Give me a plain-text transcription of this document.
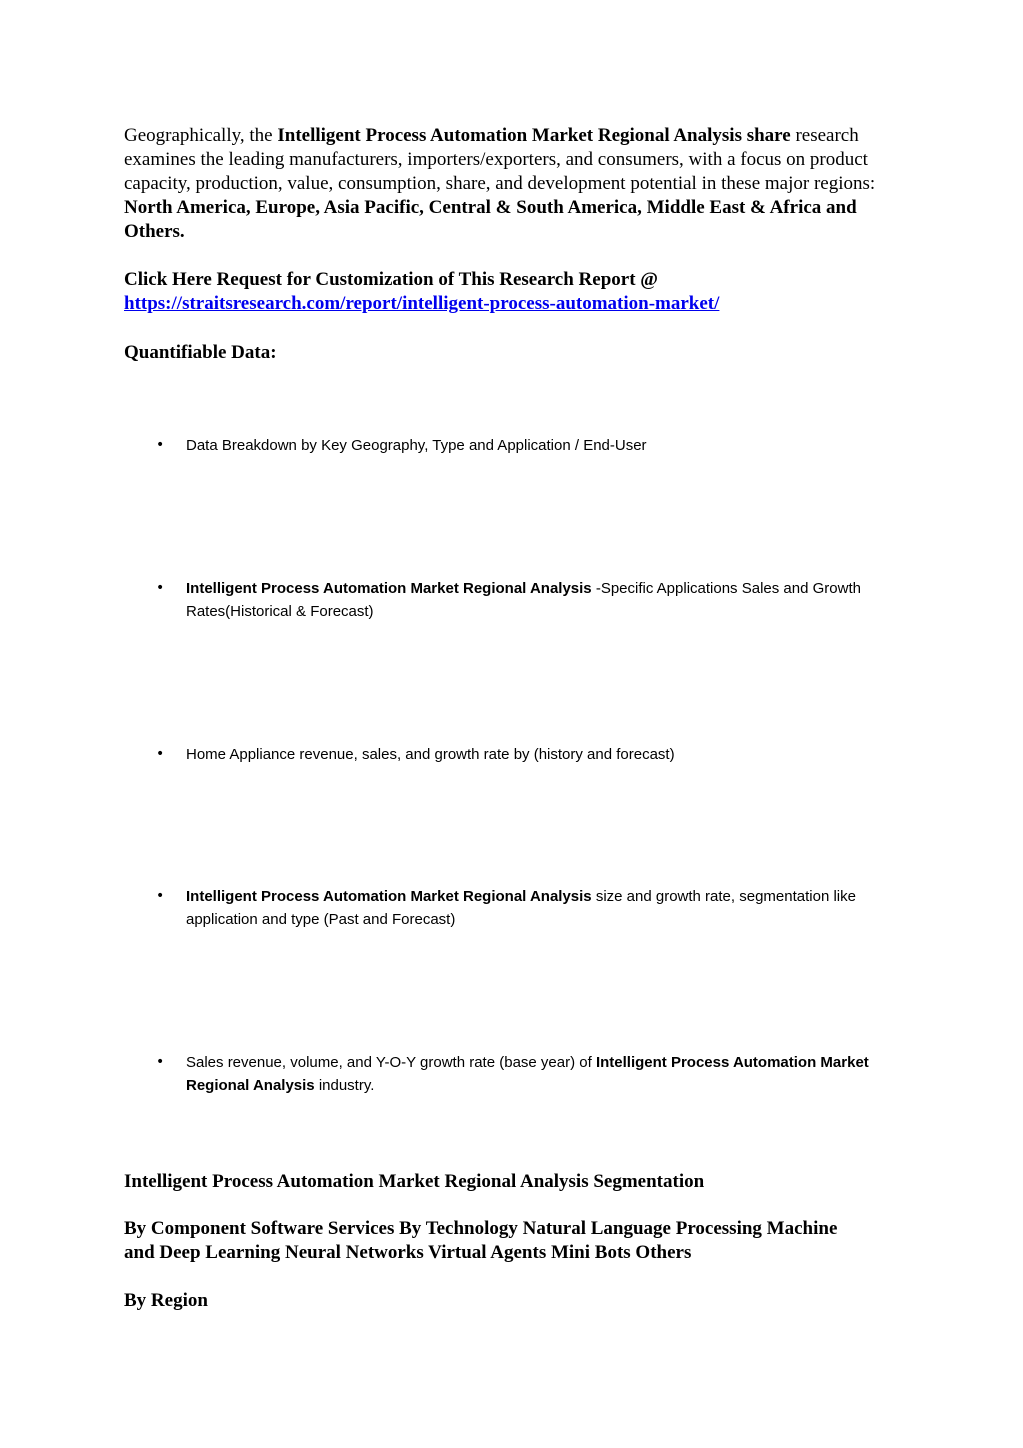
Geographically, the Intelligent Process Automation Market Regional Analysis share research examines the leading manufacturers, importers/exporters, and consumers, with a focus on product capacity, production, value, consumption, share, and development potential in these major regions: North America, Europe, Asia Pacific, Central & South America, Middle East & Africa and Others.

Click Here Request for Customization of This Research Report @
https://straitsresearch.com/report/intelligent-process-automation-market/

Quantifiable Data:

•	Data Breakdown by Key Geography, Type and Application / End-User
•	Intelligent Process Automation Market Regional Analysis -Specific Applications Sales and Growth Rates(Historical & Forecast)
•	Home Appliance revenue, sales, and growth rate by (history and forecast)
•	Intelligent Process Automation Market Regional Analysis size and growth rate, segmentation like application and type (Past and Forecast)
•	Sales revenue, volume, and Y-O-Y growth rate (base year) of Intelligent Process Automation Market Regional Analysis industry.

Intelligent Process Automation Market Regional Analysis Segmentation

By Component Software Services By Technology Natural Language Processing Machine and Deep Learning Neural Networks Virtual Agents Mini Bots Others

By Region
